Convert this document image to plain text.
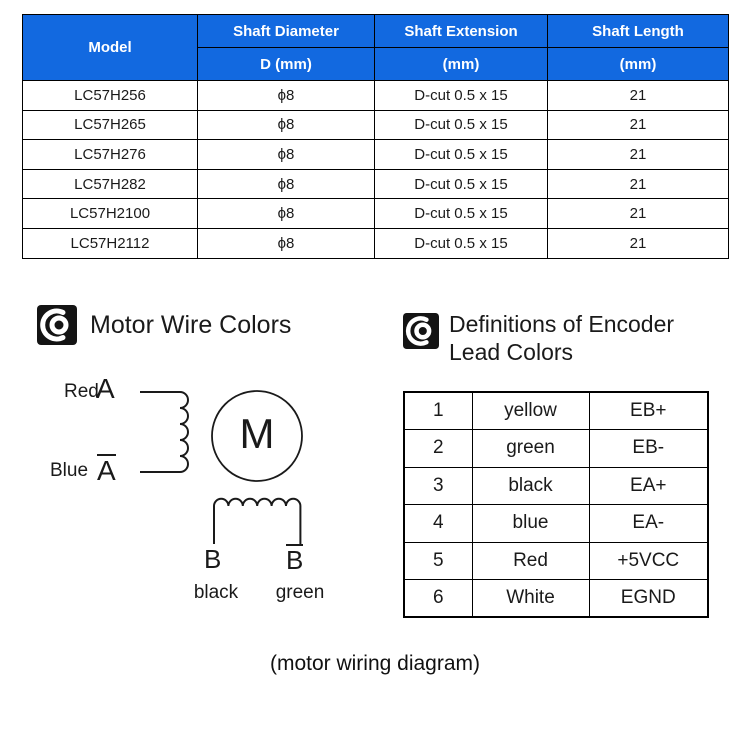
Model	Shaft Diameter	Shaft Extension	Shaft Length
	D (mm)	(mm)	(mm)
LC57H256	ϕ8	D-cut 0.5 x 15	21
LC57H265	ϕ8	D-cut 0.5 x 15	21
LC57H276	ϕ8	D-cut 0.5 x 15	21
LC57H282	ϕ8	D-cut 0.5 x 15	21
LC57H2100	ϕ8	D-cut 0.5 x 15	21
LC57H2112	ϕ8	D-cut 0.5 x 15	21
Motor Wire Colors	Definitions of Encoder
Lead Colors
Red
A
Blue A
M
B B
black	green
1	yellow	EB+
2	green	EB-
3	black	EA+
4	blue	EA-
5	Red	+5VCC
6	White	EGND
(motor wiring diagram)
